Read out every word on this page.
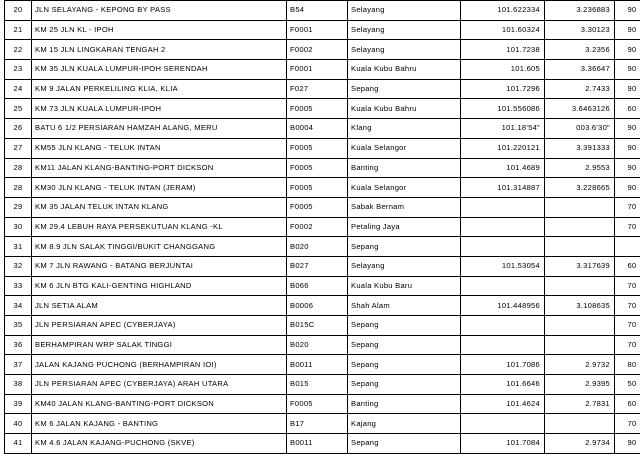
20	JLN SELAYANG - KEPONG BY PASS	B54	Selayang	101.622334	3.236883	90
21	KM 25 JLN KL - IPOH	F0001	Selayang	101.60324	3.30123	90
22	KM 15 JLN LINGKARAN TENGAH 2	F0002	Selayang	101.7238	3.2356	90
23	KM 35 JLN KUALA LUMPUR-IPOH SERENDAH	F0001	Kuala Kubu Bahru	101.605	3.36647	90
24	KM 9 JALAN PERKELILING KLIA, KLIA	F027	Sepang	101.7296	2.7433	90
25	KM 73 JLN KUALA LUMPUR-IPOH	F0005	Kuala Kubu Bahru	101.556086	3.6463126	60
26	BATU 6 1/2 PERSIARAN HAMZAH ALANG, MERU	B0004	Klang	101.18'54"	003.6'30"	90
27	KM55 JLN KLANG - TELUK INTAN	F0005	Kuala Selangor	101.220121	3.391333	90
28	KM11 JALAN KLANG-BANTING-PORT DICKSON	F0005	Banting	101.4689	2.9553	90
28	KM30 JLN KLANG - TELUK INTAN (JERAM)	F0005	Kuala Selangor	101.314887	3.228665	90
29	KM 35 JALAN TELUK INTAN KLANG	F0005	Sabak Bernam			70
30	KM 29.4 LEBUH RAYA PERSEKUTUAN KLANG -KL	F0002	Petaling Jaya			70
31	KM 8.9 JLN SALAK TINGGI/BUKIT CHANGGANG	B020	Sepang			
32	KM 7 JLN RAWANG - BATANG BERJUNTAI	B027	Selayang	101.53054	3.317639	60
33	KM 6 JLN BTG KALI-GENTING HIGHLAND	B066	Kuala Kubu Baru			70
34	JLN SETIA ALAM	B0006	Shah Alam	101.448956	3.108635	70
35	JLN PERSIARAN APEC (CYBERJAYA)	B015C	Sepang			70
36	BERHAMPIRAN WRP SALAK TINGGI	B020	Sepang			70
37	JALAN KAJANG PUCHONG (BERHAMPIRAN IOI)	B0011	Sepang	101.7086	2.9732	80
38	JLN PERSIARAN APEC (CYBERJAYA) ARAH UTARA	B015	Sepang	101.6646	2.9395	50
39	KM40 JALAN KLANG-BANTING-PORT DICKSON	F0005	Banting	101.4624	2.7831	60
40	KM 6 JALAN KAJANG - BANTING	B17	Kajang			70
41	KM 4.6 JALAN KAJANG-PUCHONG (SKVE)	B0011	Sepang	101.7084	2.9734	90
